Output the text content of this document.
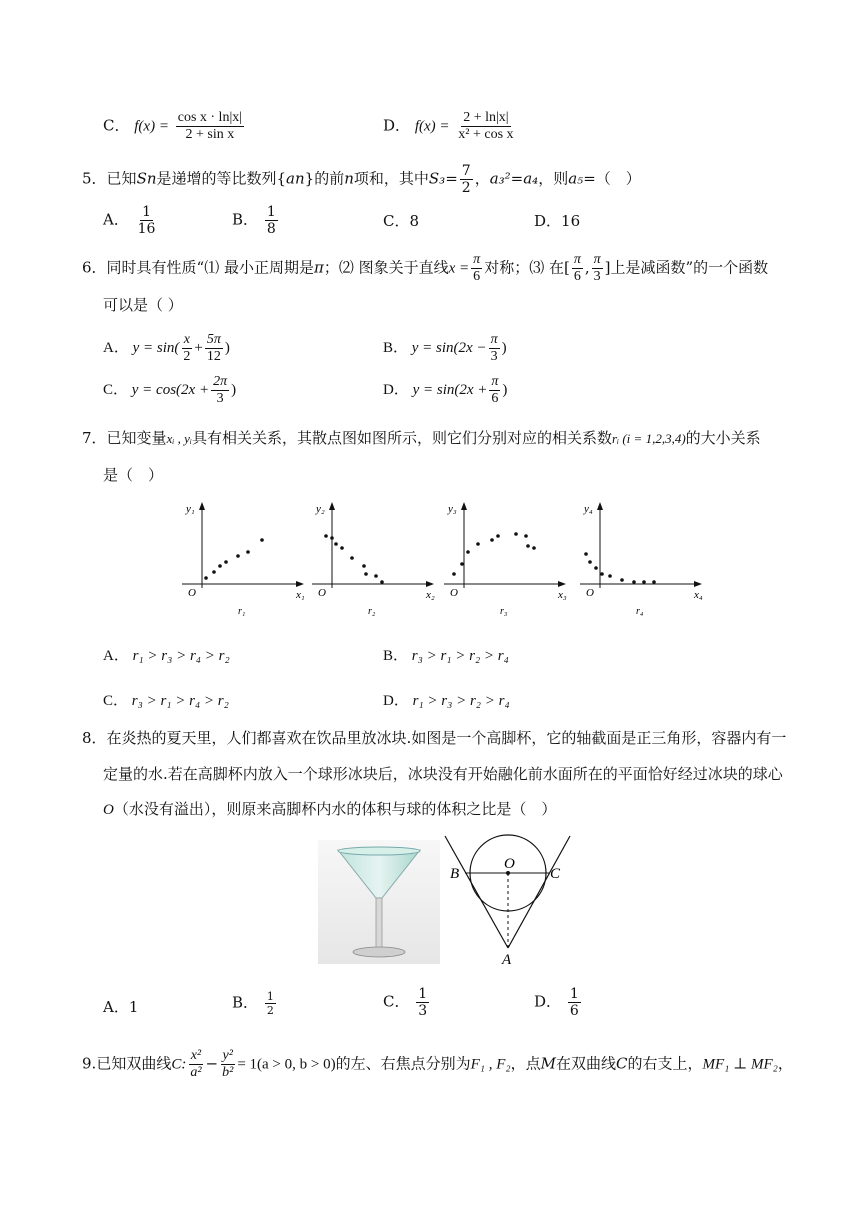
C． $f(x) = \frac{\text{cos x · ln|x|}}{\text{2 + sin x}}$	D． $f(x) = \frac{2 + \ln|x|}{\text{x² + cos x}}$
5．已知Sn是递增的等比数列{an}的前n项和，其中$S_3= \frac{7}{2}$ ，a₃²=a₄，则a₅=（　）
A． $\frac{1}{16}$	B． $\frac{1}{8}$	C．8	D．16
6．同时具有性质“⑴ 最小正周期是π；⑵ 图象关于直线$x = \frac{\pi}{6}$ 对称；⑶ 在[ $\frac{\pi}{6}$ , $\frac{\pi}{3}$ ]上是减函数”的一个函数
可以是（ ）
A． $y = \sin( \frac{x}{2} + \frac{5\pi}{12}$ )	B． $y = \sin(2x - \frac{\pi}{3}$ )
C． $y = \cos(2x + \frac{2\pi}{3}$ )	D． $y = \sin(2x + \frac{\pi}{6}$ )
7．已知变量xᵢ , yᵢ具有相关关系，其散点图如图所示，则它们分别对应的相关系数rᵢ (i = 1,2,3,4)的大小关系
是（　）
y₁
x₁
O
r₁
y₂
x₂
O
r₂
y₃
x₃
O
r₃
y₄
x₄
O
r₄
A． r₁ > r₃ > r₄ > r₂	B． r₃ > r₁ > r₂ > r₄
C． r₃ > r₁ > r₄ > r₂	D． r₁ > r₃ > r₂ > r₄
8．在炎热的夏天里，人们都喜欢在饮品里放冰块.如图是一个高脚杯，它的轴截面是正三角形，容器内有一
定量的水.若在高脚杯内放入一个球形冰块后，冰块没有开始融化前水面所在的平面恰好经过冰块的球心
O（水没有溢出），则原来高脚杯内水的体积与球的体积之比是（　）
B
O
C
A
A．1	B． $\frac{1}{2}$	C． $\frac{1}{3}$	D． $\frac{1}{6}$
9.已知双曲线C: $\frac{\text{x²}}{\text{a²}} - \frac{\text{y²}}{\text{b²}} = 1(a > 0$, b > 0)的左、右焦点分别为F₁ , F₂，点M在双曲线C的右支上，MF₁ ⊥ MF₂，
